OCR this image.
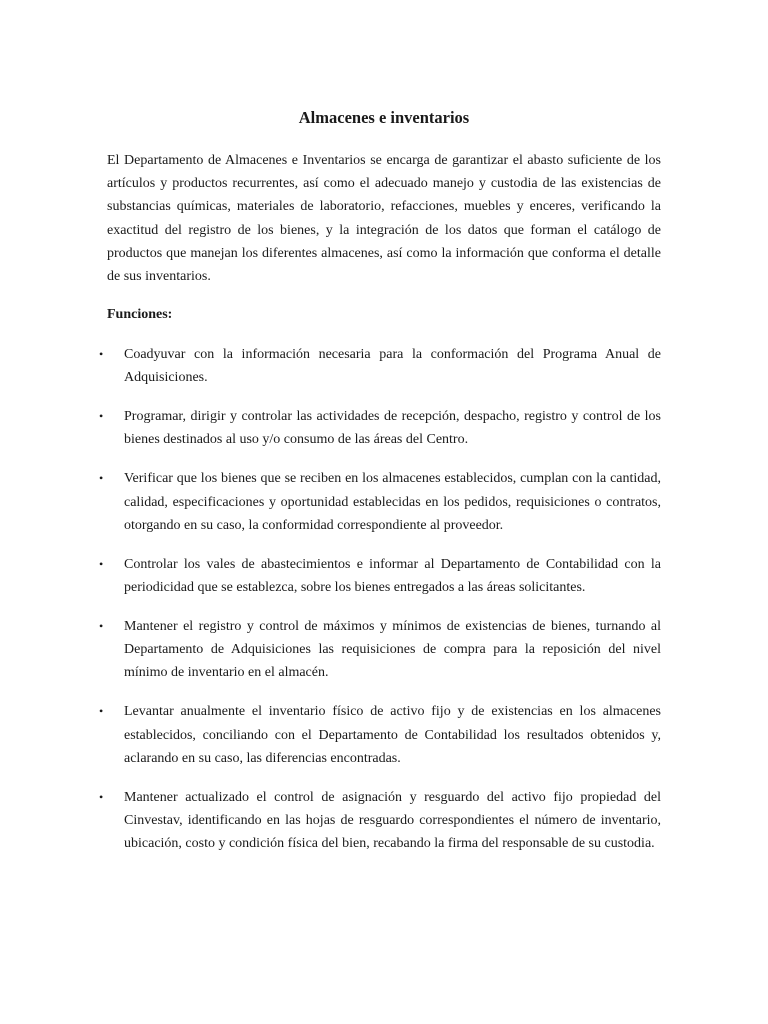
Almacenes e inventarios

El Departamento de Almacenes e Inventarios se encarga de garantizar el abasto suficiente de los artículos y productos recurrentes, así como el adecuado manejo y custodia de las existencias de substancias químicas, materiales de laboratorio, refacciones, muebles y enceres, verificando la exactitud del registro de los bienes, y la integración de los datos que forman el catálogo de productos que manejan los diferentes almacenes, así como la información que conforma el detalle de sus inventarios.

Funciones:

• Coadyuvar con la información necesaria para la conformación del Programa Anual de Adquisiciones.
• Programar, dirigir y controlar las actividades de recepción, despacho, registro y control de los bienes destinados al uso y/o consumo de las áreas del Centro.
• Verificar que los bienes que se reciben en los almacenes establecidos, cumplan con la cantidad, calidad, especificaciones y oportunidad establecidas en los pedidos, requisiciones o contratos, otorgando en su caso, la conformidad correspondiente al proveedor.
• Controlar los vales de abastecimientos e informar al Departamento de Contabilidad con la periodicidad que se establezca, sobre los bienes entregados a las áreas solicitantes.
• Mantener el registro y control de máximos y mínimos de existencias de bienes, turnando al Departamento de Adquisiciones las requisiciones de compra para la reposición del nivel mínimo de inventario en el almacén.
• Levantar anualmente el inventario físico de activo fijo y de existencias en los almacenes establecidos, conciliando con el Departamento de Contabilidad los resultados obtenidos y, aclarando en su caso, las diferencias encontradas.
• Mantener actualizado el control de asignación y resguardo del activo fijo propiedad del Cinvestav, identificando en las hojas de resguardo correspondientes el número de inventario, ubicación, costo y condición física del bien, recabando la firma del responsable de su custodia.
